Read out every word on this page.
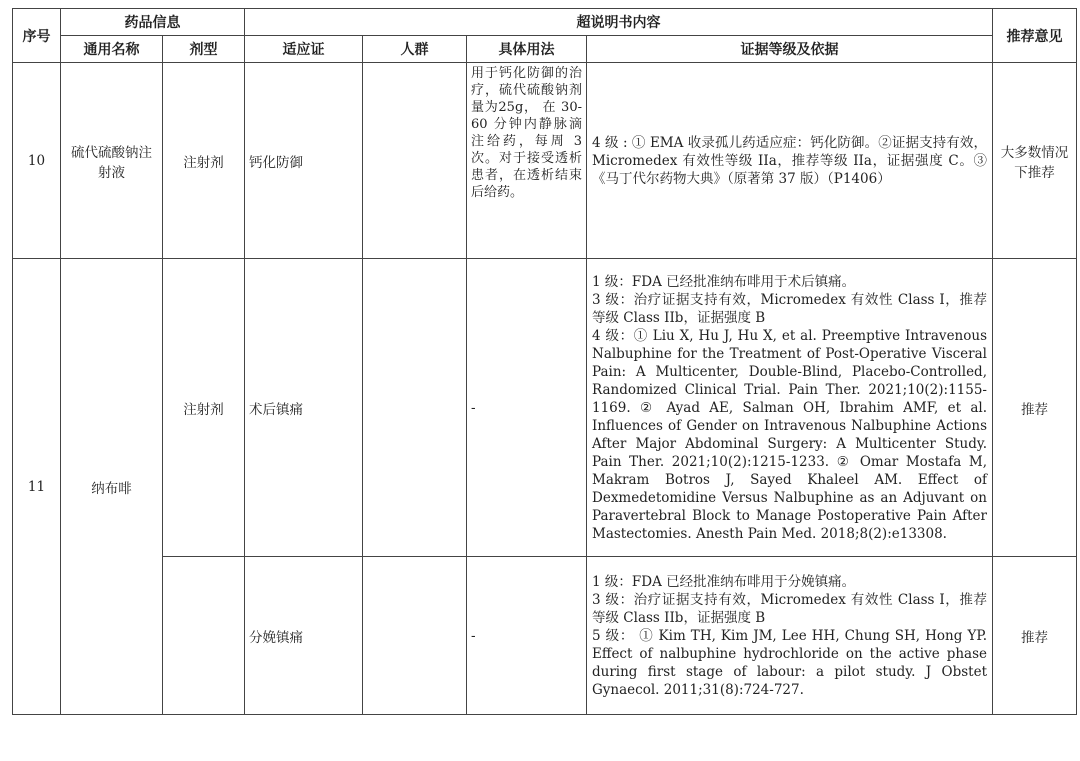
序号	药品信息		超说明书内容				推荐意见
	通用名称	剂型	适应证	人群	具体用法	证据等级及依据	
10	硫代硫酸钠注射液	注射剂	钙化防御		用于钙化防御的治疗，硫代硫酸钠剂量为25g， 在 30-60 分钟内静脉滴注给药，每周 3 次。对于接受透析患者，在透析结束后给药。	4 级 : ① EMA 收录孤儿药适应症：钙化防御。②证据支持有效，Micromedex 有效性等级 IIa，推荐等级 IIa，证据强度 C。③《马丁代尔药物大典》（原著第 37 版）（P1406）	大多数情况下推荐
11	纳布啡	注射剂	术后镇痛		-	1 级：FDA 已经批准纳布啡用于术后镇痛。
3 级：治疗证据支持有效，Micromedex 有效性 Class I，推荐等级 Class IIb，证据强度 B
4 级：① Liu X, Hu J, Hu X, et al. Preemptive Intravenous Nalbuphine for the Treatment of Post-Operative Visceral Pain: A Multicenter, Double-Blind, Placebo-Controlled, Randomized Clinical Trial. Pain Ther. 2021;10(2):1155-1169. ② Ayad AE, Salman OH, Ibrahim AMF, et al. Influences of Gender on Intravenous Nalbuphine Actions After Major Abdominal Surgery: A Multicenter Study. Pain Ther. 2021;10(2):1215-1233. ② Omar Mostafa M, Makram Botros J, Sayed Khaleel AM. Effect of Dexmedetomidine Versus Nalbuphine as an Adjuvant on Paravertebral Block to Manage Postoperative Pain After Mastectomies. Anesth Pain Med. 2018;8(2):e13308.	推荐
			分娩镇痛		-	1 级：FDA 已经批准纳布啡用于分娩镇痛。
3 级：治疗证据支持有效，Micromedex 有效性 Class I，推荐等级 Class IIb，证据强度 B
5 级： ① Kim TH, Kim JM, Lee HH, Chung SH, Hong YP. Effect of nalbuphine hydrochloride on the active phase during first stage of labour: a pilot study. J Obstet Gynaecol. 2011;31(8):724-727.	推荐
